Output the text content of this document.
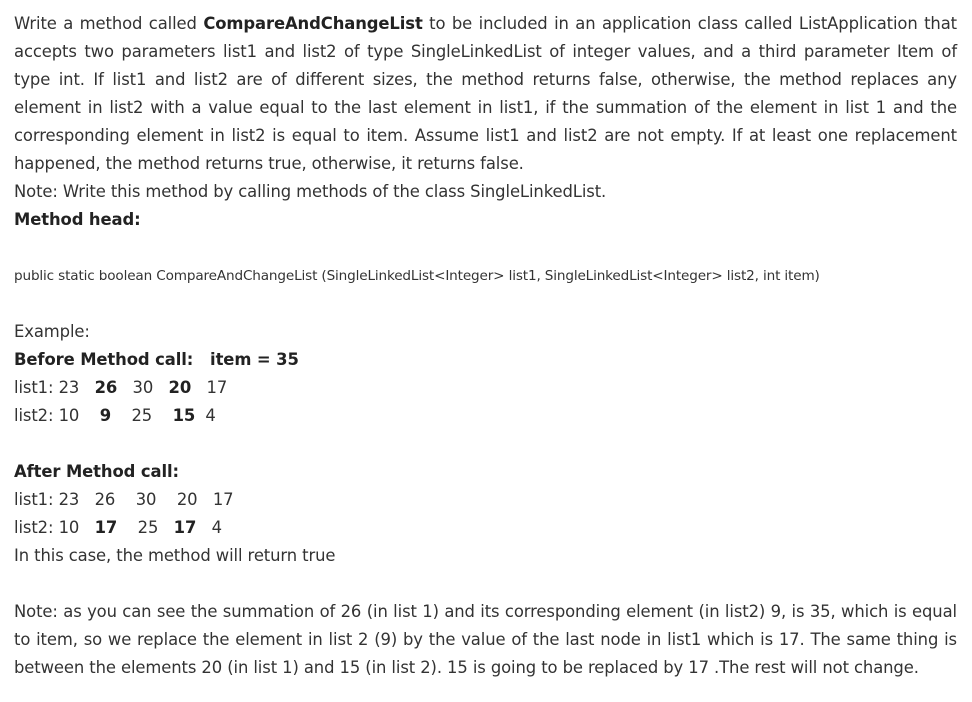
Write a method called CompareAndChangeList to be included in an application class called ListApplication that accepts two parameters list1 and list2 of type SingleLinkedList of integer values, and a third parameter Item of type int. If list1 and list2 are of different sizes, the method returns false, otherwise, the method replaces any element in list2 with a value equal to the last element in list1, if the summation of the element in list 1 and the corresponding element in list2 is equal to item. Assume list1 and list2 are not empty. If at least one replacement happened, the method returns true, otherwise, it returns false.

Note: Write this method by calling methods of the class SingleLinkedList.

Method head:

public static boolean CompareAndChangeList (SingleLinkedList<Integer> list1, SingleLinkedList<Integer> list2, int item)

Example:

Before Method call: item = 35

list1: 23 26 30 20 17

list2: 10 9 25 15 4

After Method call:

list1: 23 26 30 20 17

list2: 10 17 25 17 4

In this case, the method will return true

Note: as you can see the summation of 26 (in list 1) and its corresponding element (in list2) 9, is 35, which is equal to item, so we replace the element in list 2 (9) by the value of the last node in list1 which is 17. The same thing is between the elements 20 (in list 1) and 15 (in list 2). 15 is going to be replaced by 17 .The rest will not change.
